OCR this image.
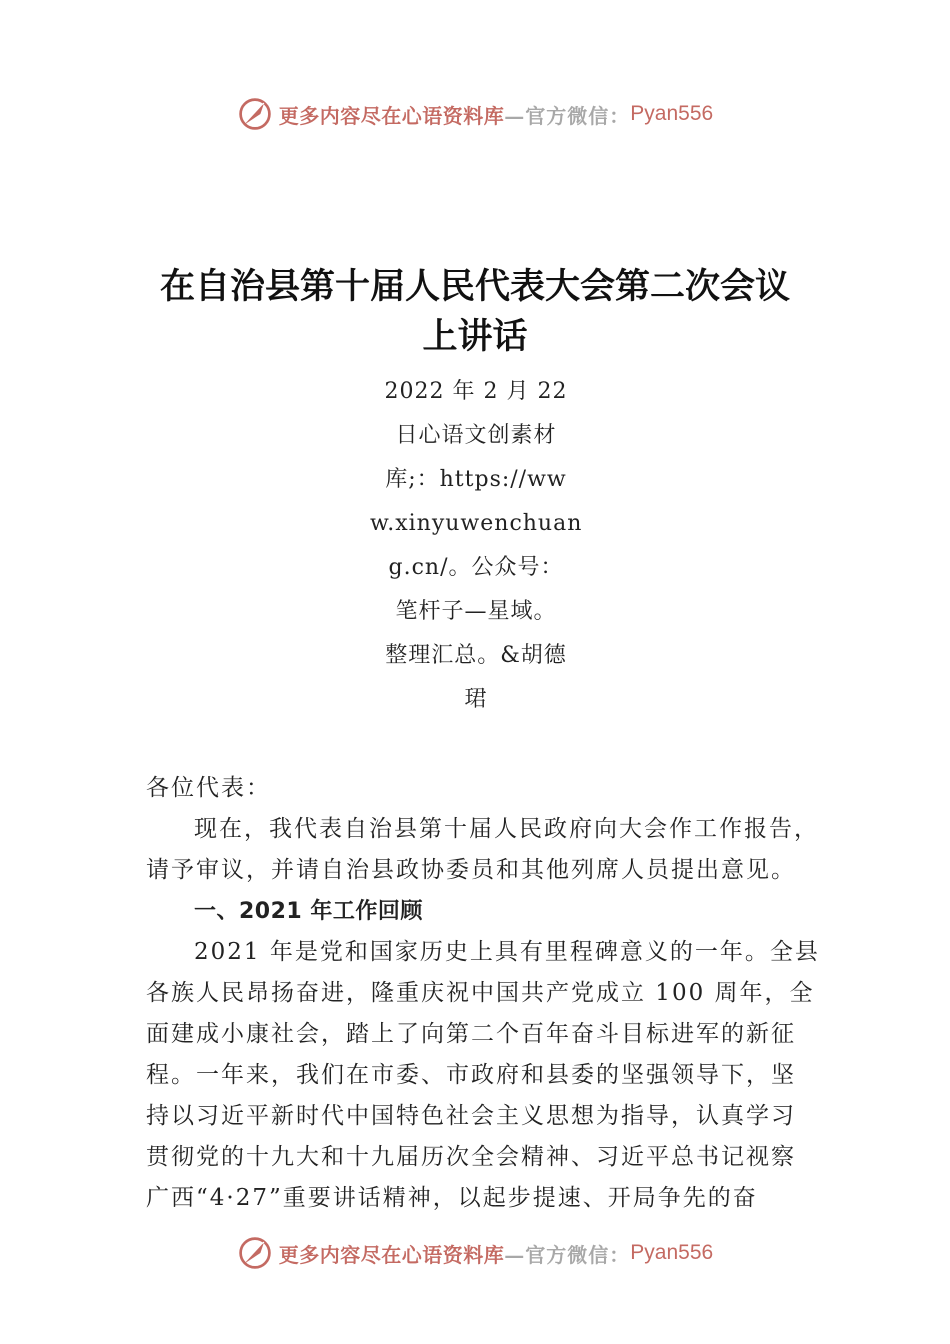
更多内容尽在心语资料库 —官方微信： Pyan556
在自治县第十届人民代表大会第二次会议
上讲话
2022 年 2 月 22
日心语文创素材
库;：https://ww
w.xinyuwenchuan
g.cn/。公众号：
笔杆子—星域。
整理汇总。&胡德
珺

各位代表：

现在，我代表自治县第十届人民政府向大会作工作报告，

请予审议，并请自治县政协委员和其他列席人员提出意见。

一、2021 年工作回顾

2021 年是党和国家历史上具有里程碑意义的一年。全县

各族人民昂扬奋进，隆重庆祝中国共产党成立 100 周年，全

面建成小康社会，踏上了向第二个百年奋斗目标进军的新征

程。一年来，我们在市委、市政府和县委的坚强领导下，坚

持以习近平新时代中国特色社会主义思想为指导，认真学习

贯彻党的十九大和十九届历次全会精神、习近平总书记视察

广西“4·27”重要讲话精神，以起步提速、开局争先的奋

更多内容尽在心语资料库 —官方微信： Pyan556
